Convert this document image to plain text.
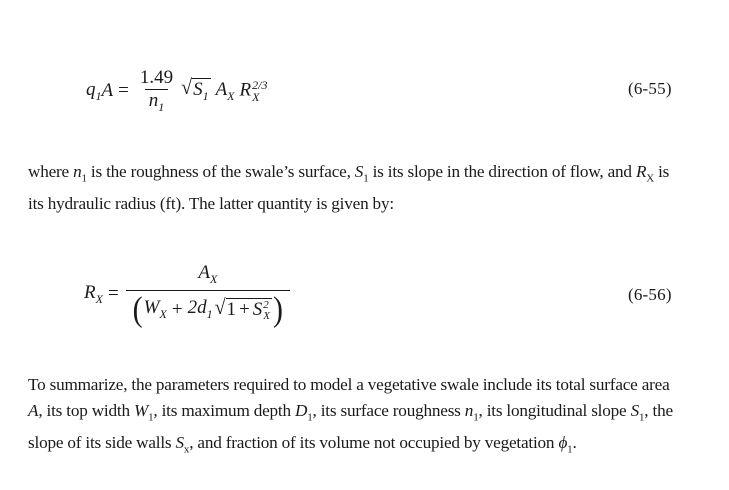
$q_1$ $A = \frac{1.49}{n_1}$ √ $S_1$ $A_X$ R 2/3
X	(6-55)
where $n_1$ is the roughness of the swale’s surface, $S_1$ is its slope in the direction of flow, and $R_X$ is
its hydraulic radius (ft). The latter quantity is given by:
$R_X$ =
$A_X$
( $W_X + 2d_1$ √ 1 + S 2
X )	(6-56)
To summarize, the parameters required to model a vegetative swale include its total surface area
A, its top width $W_1$, its maximum depth $D_1$, its surface roughness $n_1$, its longitudinal slope $S_1$, the
slope of its side walls $S_x$, and fraction of its volume not occupied by vegetation $\phi_1$.
